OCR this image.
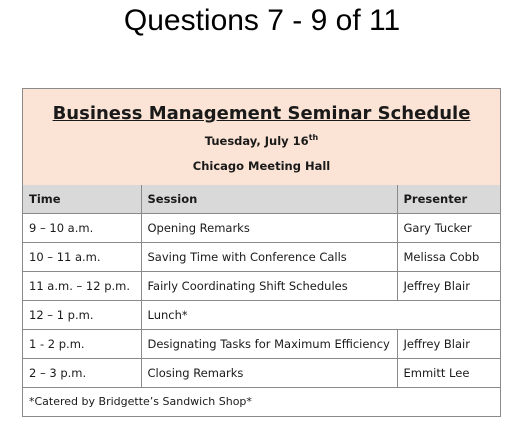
Questions 7 - 9 of 11
Business Management Seminar Schedule
Tuesday, July 16th
Chicago Meeting Hall
Time	Session	Presenter
9 – 10 a.m.	Opening Remarks	Gary Tucker
10 – 11 a.m.	Saving Time with Conference Calls	Melissa Cobb
11 a.m. – 12 p.m.	Fairly Coordinating Shift Schedules	Jeffrey Blair
12 – 1 p.m.	Lunch*	
1 - 2 p.m.	Designating Tasks for Maximum Efficiency	Jeffrey Blair
2 – 3 p.m.	Closing Remarks	Emmitt Lee
*Catered by Bridgette’s Sandwich Shop*		
